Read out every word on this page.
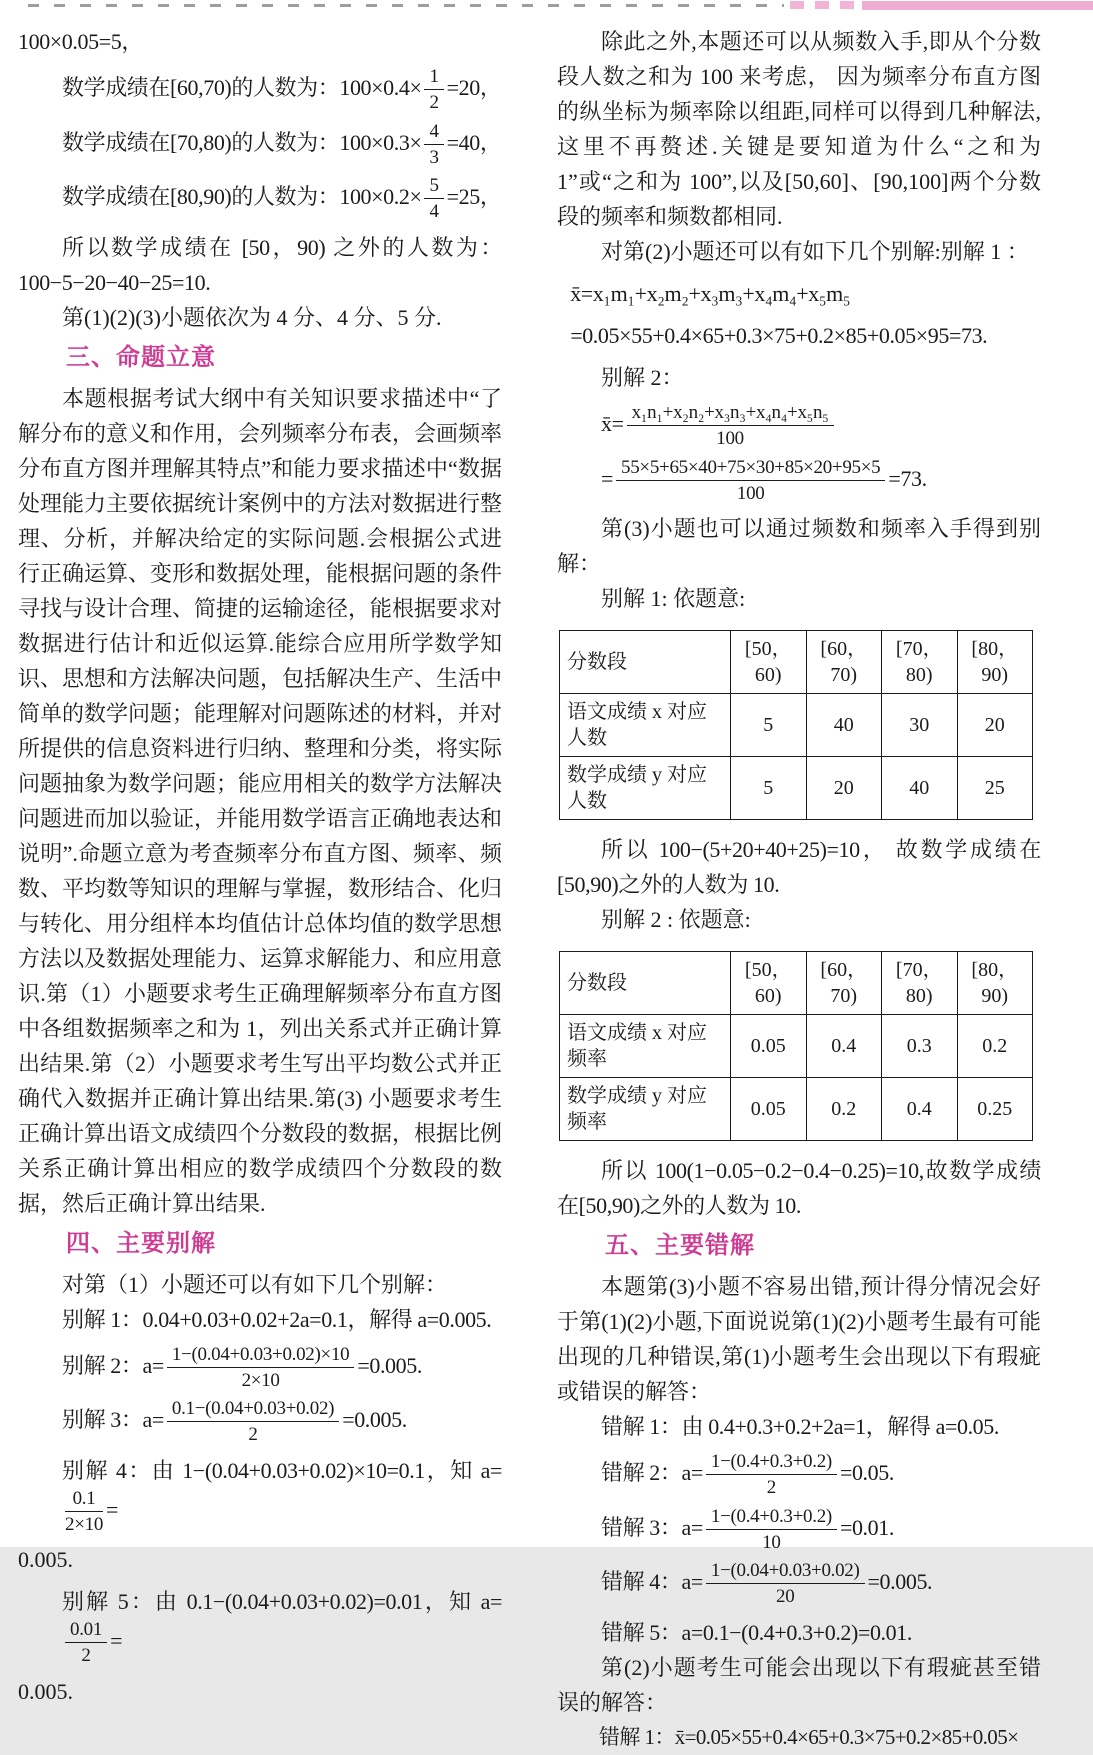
100×0.05=5，

数学成绩在[60,70)的人数为：$100\times 0.4\times \frac{1}{2} =20$，
数学成绩在[70,80)的人数为：$100\times 0.3\times \frac{4}{3} =40$，
数学成绩在[80,90)的人数为：$100\times 0.2\times \frac{5}{4} =25$，

所以数学成绩在 [50，90) 之外的人数为：100−5−20−40−25=10.

第(1)(2)(3)小题依次为 4 分、4 分、5 分.

三、命题立意

本题根据考试大纲中有关知识要求描述中“了解分布的意义和作用，会列频率分布表，会画频率分布直方图并理解其特点”和能力要求描述中“数据处理能力主要依据统计案例中的方法对数据进行整理、分析，并解决给定的实际问题.会根据公式进行正确运算、变形和数据处理，能根据问题的条件寻找与设计合理、简捷的运输途径，能根据要求对数据进行估计和近似运算.能综合应用所学数学知识、思想和方法解决问题，包括解决生产、生活中简单的数学问题；能理解对问题陈述的材料，并对所提供的信息资料进行归纳、整理和分类，将实际问题抽象为数学问题；能应用相关的数学方法解决问题进而加以验证，并能用数学语言正确地表达和说明”.命题立意为考查频率分布直方图、频率、频数、平均数等知识的理解与掌握，数形结合、化归与转化、用分组样本均值估计总体均值的数学思想方法以及数据处理能力、运算求解能力、和应用意识.第（1）小题要求考生正确理解频率分布直方图中各组数据频率之和为 1，列出关系式并正确计算出结果.第（2）小题要求考生写出平均数公式并正确代入数据并正确计算出结果.第(3) 小题要求考生正确计算出语文成绩四个分数段的数据，根据比例关系正确计算出相应的数学成绩四个分数段的数据，然后正确计算出结果.

四、主要别解

对第（1）小题还可以有如下几个别解：

别解 1：0.04+0.03+0.02+2a=0.1，解得 a=0.005.

别解 2：$a= \frac{1-(0.04+0.03+0.02)\times 10}{2\times 10} =0.005$.
别解 3：$a= \frac{0.1-(0.04+0.03+0.02)}{2} =0.005$.
别解 4：由 1−(0.04+0.03+0.02)×10=0.1，知 a=
$\frac{0.1}{2\times 10}$ =

0.005.

别解 5：由 0.1−(0.04+0.03+0.02)=0.01，知 a=
$\frac{0.01}{2}$ =

0.005.

除此之外,本题还可以从频数入手,即从个分数段人数之和为 100 来考虑， 因为频率分布直方图的纵坐标为频率除以组距,同样可以得到几种解法,这里不再赘述.关键是要知道为什么“之和为 1”或“之和为 100”,以及[50,60]、[90,100]两个分数段的频率和频数都相同.

对第(2)小题还可以有如下几个别解:别解 1 ：

x̄=x₁m₁+x₂m₂+x₃m₃+x₄m₄+x₅m₅
=0.05×55+0.4×65+0.3×75+0.2×85+0.05×95=73.

别解 2：

x̄= $\frac{\text{x₁n₁+x₂n₂+x₃n₃+x₄n₄+x₅n₅}}{100}$
= $\frac{55\times 5+65\times 40+75\times 30+85\times 20+95\times 5}{100} =73$.

第(3)小题也可以通过频数和频率入手得到别解：

别解 1: 依题意:

分数段	[50，60)	[60，70)	[70，80)	[80，90)
语文成绩 x 对应人数	5	40	30	20
数学成绩 y 对应人数	5	20	40	25

所以 100−(5+20+40+25)=10， 故数学成绩在[50,90)之外的人数为 10.

别解 2 : 依题意:

分数段	[50，60)	[60，70)	[70，80)	[80，90)
语文成绩 x 对应频率	0.05	0.4	0.3	0.2
数学成绩 y 对应频率	0.05	0.2	0.4	0.25

所以 100(1−0.05−0.2−0.4−0.25)=10,故数学成绩在[50,90)之外的人数为 10.

五、主要错解

本题第(3)小题不容易出错,预计得分情况会好于第(1)(2)小题,下面说说第(1)(2)小题考生最有可能出现的几种错误,第(1)小题考生会出现以下有瑕疵或错误的解答：

错解 1：由 0.4+0.3+0.2+2a=1，解得 a=0.05.

错解 2：$a= \frac{1-(0.4+0.3+0.2)}{2} =0.05$.
错解 3：$a= \frac{1-(0.4+0.3+0.2)}{10} =0.01$.
错解 4：$a= \frac{1-(0.04+0.03+0.02)}{20} =0.005$.

错解 5：a=0.1−(0.4+0.3+0.2)=0.01.

第(2)小题考生可能会出现以下有瑕疵甚至错误的解答：

错解 1：x̄=0.05×55+0.4×65+0.3×75+0.2×85+0.05×
